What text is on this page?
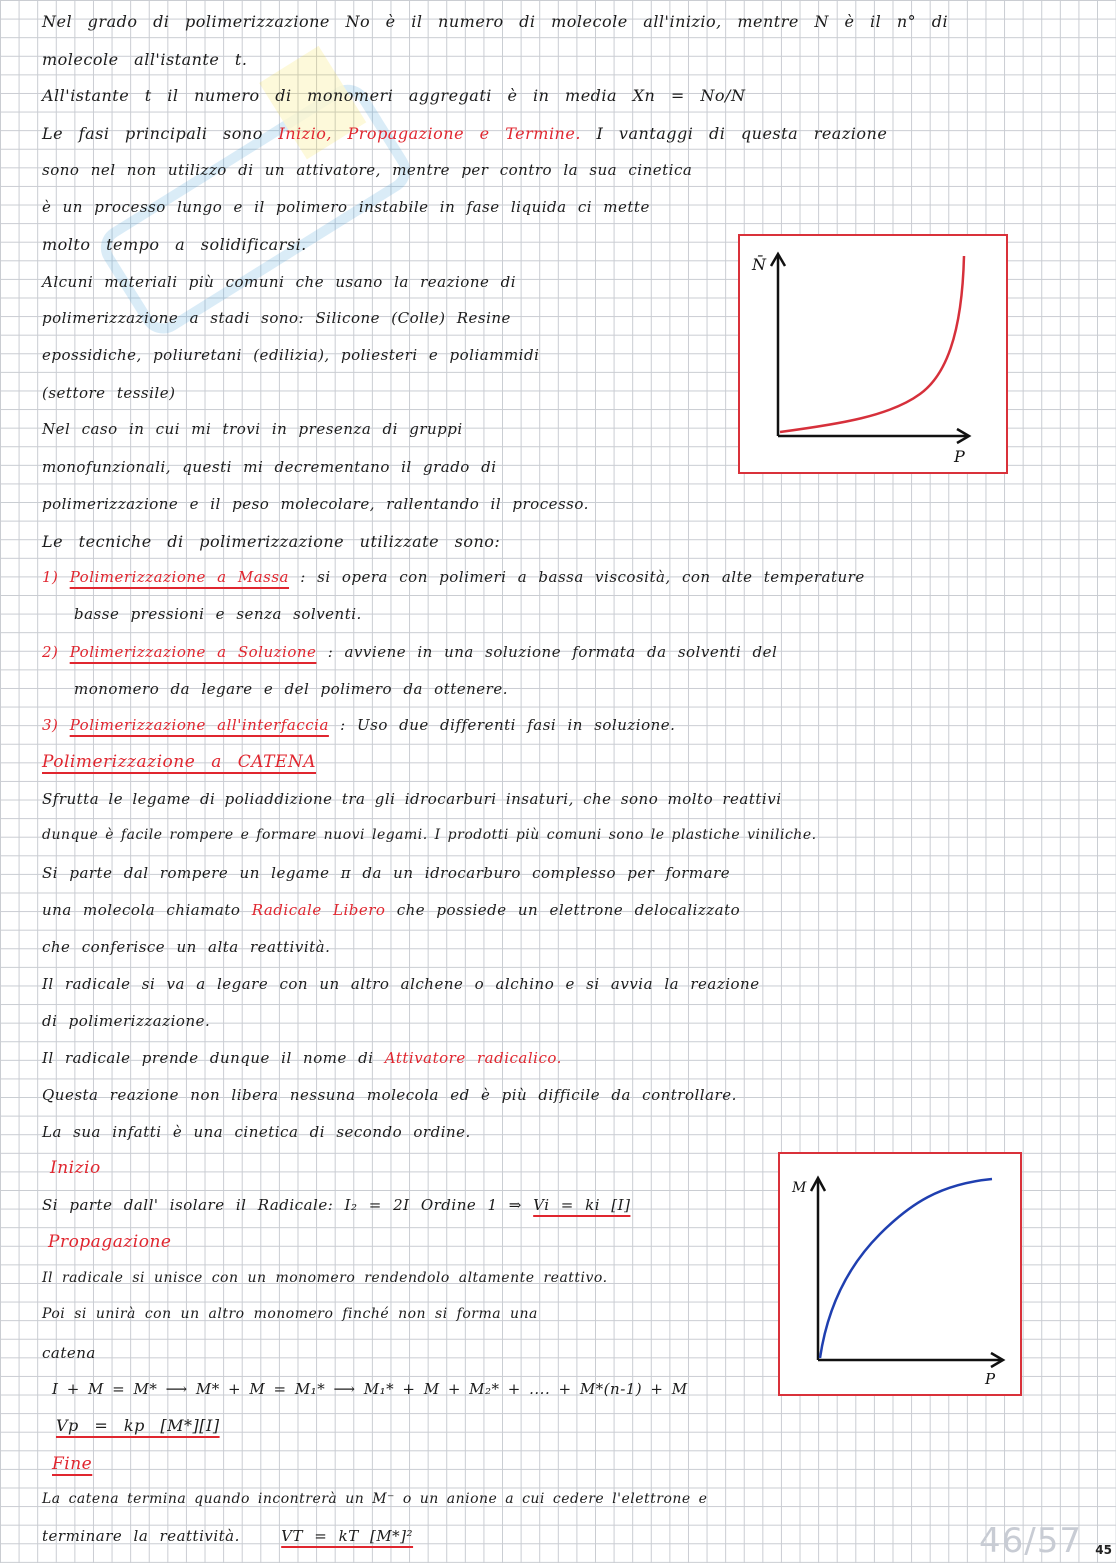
Nel grado di polimerizzazione No è il numero di molecole all'inizio, mentre N è il n° di
molecole all'istante t.
All'istante t il numero di monomeri aggregati è in media Xn = No/N
Le fasi principali sono Inizio, Propagazione e Termine. I vantaggi di questa reazione
sono nel non utilizzo di un attivatore, mentre per contro la sua cinetica
è un processo lungo e il polimero instabile in fase liquida ci mette
molto tempo a solidificarsi.
Alcuni materiali più comuni che usano la reazione di
polimerizzazione a stadi sono: Silicone (Colle) Resine
epossidiche, poliuretani (edilizia), poliesteri e poliammidi
(settore tessile)
Nel caso in cui mi trovi in presenza di gruppi
monofunzionali, questi mi decrementano il grado di
polimerizzazione e il peso molecolare, rallentando il processo.
Le tecniche di polimerizzazione utilizzate sono:
1) Polimerizzazione a Massa : si opera con polimeri a bassa viscosità, con alte temperature
basse pressioni e senza solventi.
2) Polimerizzazione a Soluzione : avviene in una soluzione formata da solventi del
monomero da legare e del polimero da ottenere.
3) Polimerizzazione all'interfaccia : Uso due differenti fasi in soluzione.
Polimerizzazione a CATENA
Sfrutta le legame di poliaddizione tra gli idrocarburi insaturi, che sono molto reattivi
dunque è facile rompere e formare nuovi legami. I prodotti più comuni sono le plastiche viniliche.
Si parte dal rompere un legame π da un idrocarburo complesso per formare
una molecola chiamato Radicale Libero che possiede un elettrone delocalizzato
che conferisce un alta reattività.
Il radicale si va a legare con un altro alchene o alchino e si avvia la reazione
di polimerizzazione.
Il radicale prende dunque il nome di Attivatore radicalico.
Questa reazione non libera nessuna molecola ed è più difficile da controllare.
La sua infatti è una cinetica di secondo ordine.
Inizio
Si parte dall' isolare il Radicale: I₂ = 2I Ordine 1 ⇒ Vi = ki [I]
Propagazione
Il radicale si unisce con un monomero rendendolo altamente reattivo.
Poi si unirà con un altro monomero finché non si forma una
catena
I + M = M* ⟶ M* + M = M₁* ⟶ M₁* + M + M₂* + .... + M*(n-1) + M
Vp = kp [M*][I]
Fine
La catena termina quando incontrerà un M⁻ o un anione a cui cedere l'elettrone e
terminare la reattività.	VT = kT [M*]²
N̄
P
M
P
46/57 45
